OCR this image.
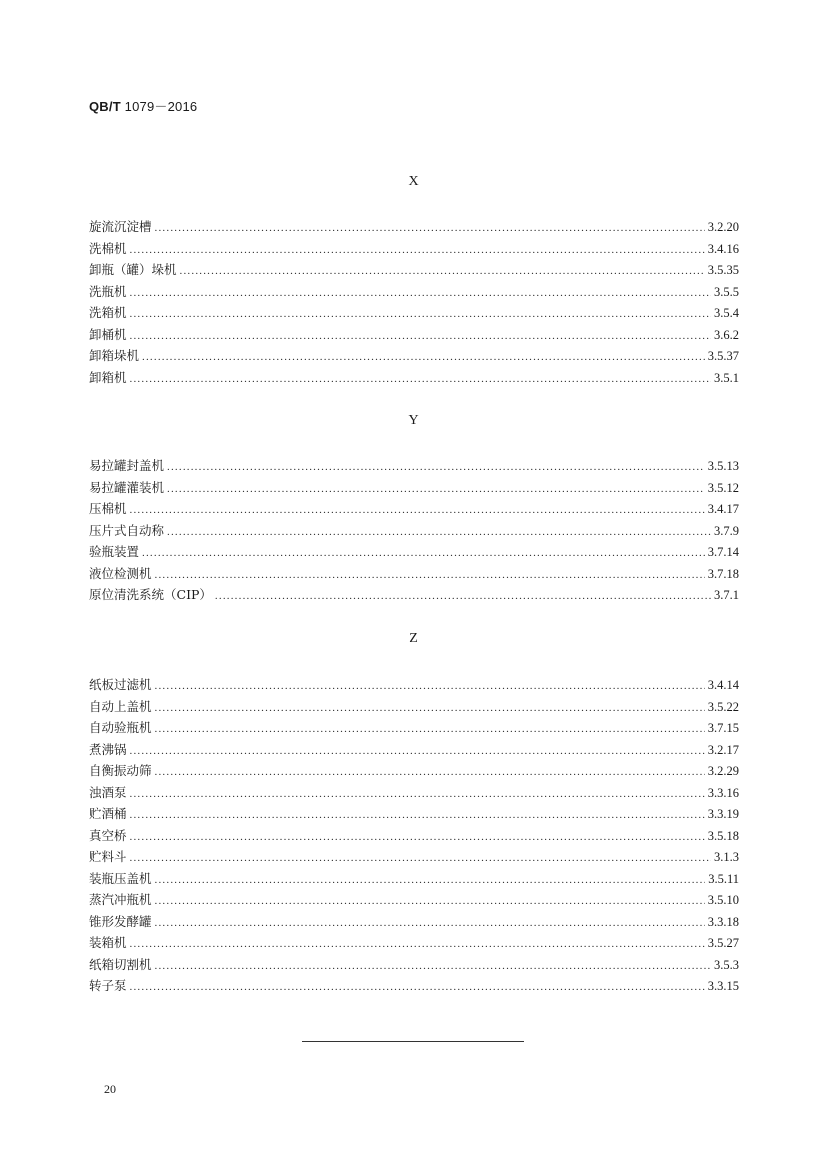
QB/T 1079－2016
X
旋流沉淀槽 .....	3.2.20
洗棉机 .....	3.4.16
卸瓶（罐）垛机 .....	3.5.35
洗瓶机 .....	3.5.5
洗箱机 .....	3.5.4
卸桶机 .....	3.6.2
卸箱垛机 .....	3.5.37
卸箱机 .....	3.5.1
Y
易拉罐封盖机 .....	3.5.13
易拉罐灌装机 .....	3.5.12
压棉机 .....	3.4.17
压片式自动称 .....	3.7.9
验瓶装置 .....	3.7.14
液位检测机 .....	3.7.18
原位清洗系统（CIP） .....	3.7.1
Z
纸板过滤机 .....	3.4.14
自动上盖机 .....	3.5.22
自动验瓶机 .....	3.7.15
煮沸锅 .....	3.2.17
自衡振动筛 .....	3.2.29
浊酒泵 .....	3.3.16
贮酒桶 .....	3.3.19
真空桥 .....	3.5.18
贮料斗 .....	3.1.3
装瓶压盖机 .....	3.5.11
蒸汽冲瓶机 .....	3.5.10
锥形发酵罐 .....	3.3.18
装箱机 .....	3.5.27
纸箱切割机 .....	3.5.3
转子泵 .....	3.3.15
20
